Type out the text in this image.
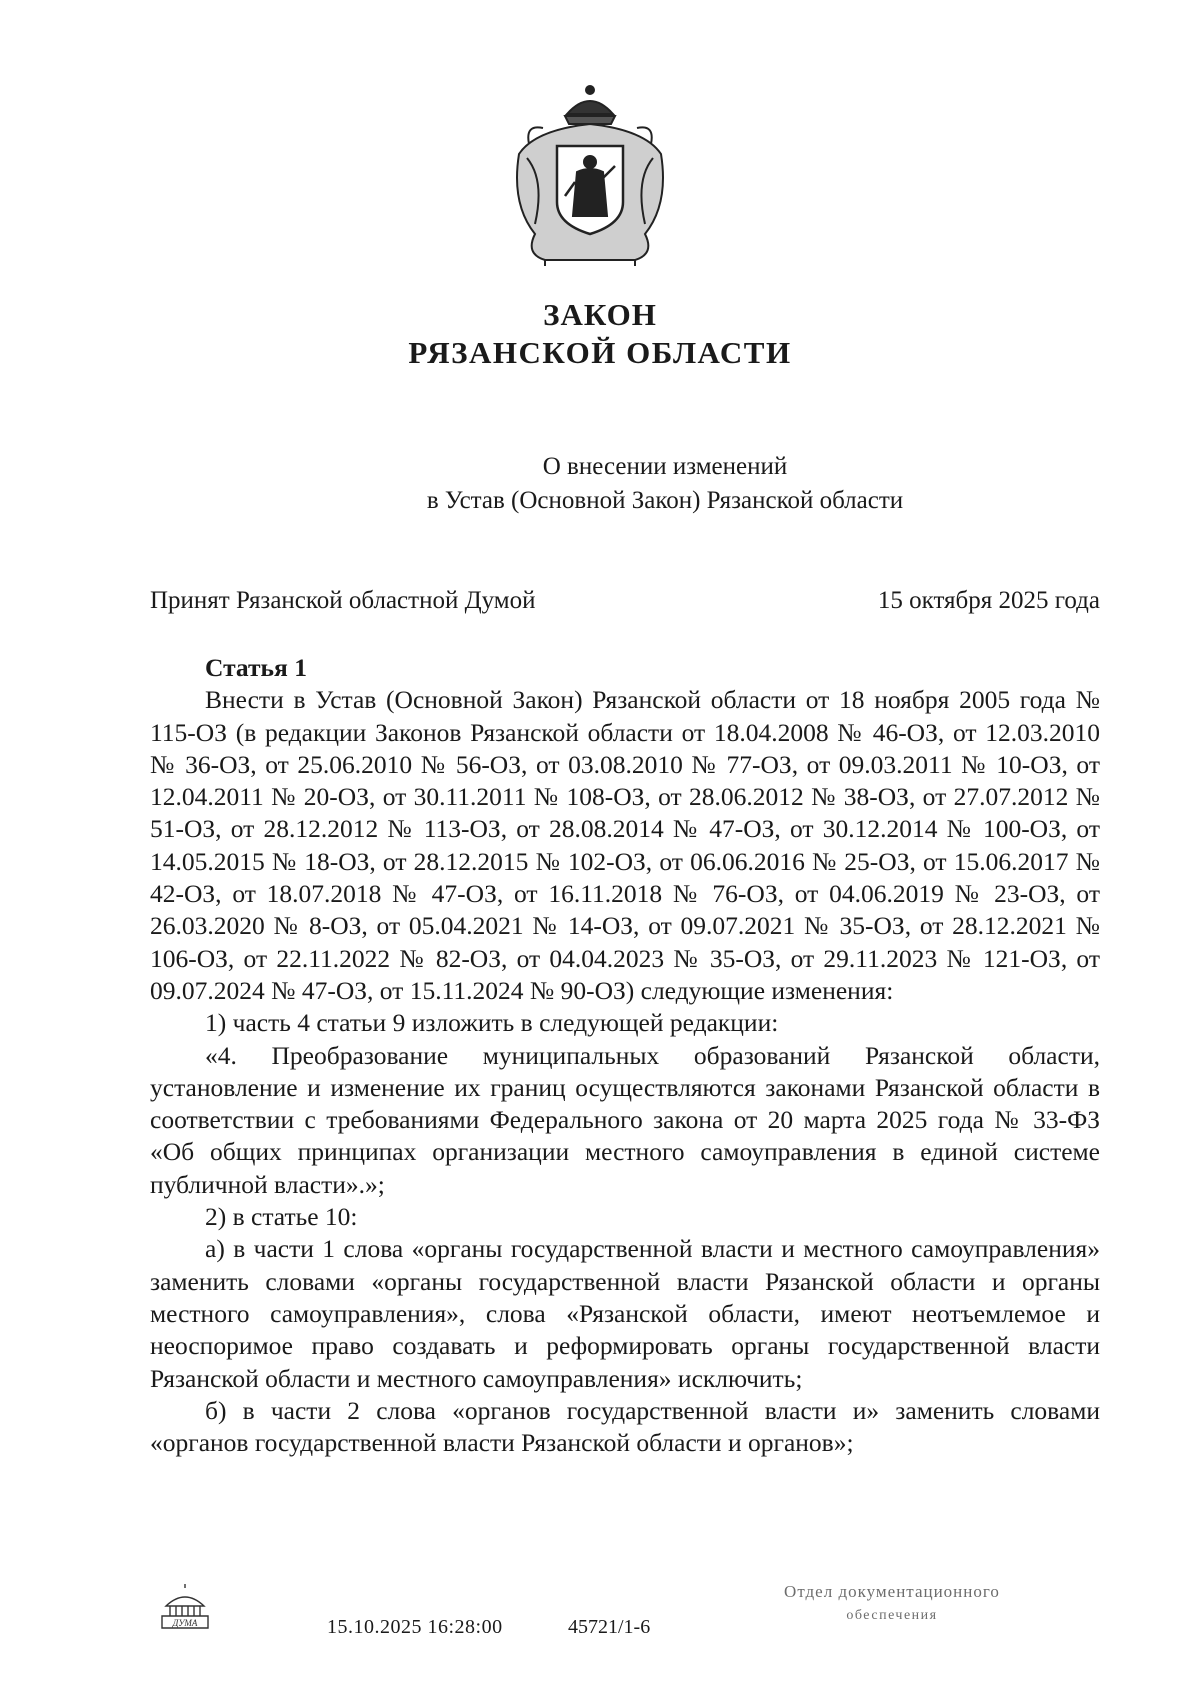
ЗАКОН
РЯЗАНСКОЙ ОБЛАСТИ
О внесении изменений
в Устав (Основной Закон) Рязанской области
Принят Рязанской областной Думой	15 октября 2025 года
Статья 1

Внести в Устав (Основной Закон) Рязанской области от 18 ноября 2005 года № 115-ОЗ (в редакции Законов Рязанской области от 18.04.2008 № 46-ОЗ, от 12.03.2010 № 36-ОЗ, от 25.06.2010 № 56-ОЗ, от 03.08.2010 № 77-ОЗ, от 09.03.2011 № 10-ОЗ, от 12.04.2011 № 20-ОЗ, от 30.11.2011 № 108-ОЗ, от 28.06.2012 № 38-ОЗ, от 27.07.2012 № 51-ОЗ, от 28.12.2012 № 113-ОЗ, от 28.08.2014 № 47-ОЗ, от 30.12.2014 № 100-ОЗ, от 14.05.2015 № 18-ОЗ, от 28.12.2015 № 102-ОЗ, от 06.06.2016 № 25-ОЗ, от 15.06.2017 № 42-ОЗ, от 18.07.2018 № 47-ОЗ, от 16.11.2018 № 76-ОЗ, от 04.06.2019 № 23-ОЗ, от 26.03.2020 № 8-ОЗ, от 05.04.2021 № 14-ОЗ, от 09.07.2021 № 35-ОЗ, от 28.12.2021 № 106-ОЗ, от 22.11.2022 № 82-ОЗ, от 04.04.2023 № 35-ОЗ, от 29.11.2023 № 121-ОЗ, от 09.07.2024 № 47-ОЗ, от 15.11.2024 № 90-ОЗ) следующие изменения:

1) часть 4 статьи 9 изложить в следующей редакции:

«4. Преобразование муниципальных образований Рязанской области, установление и изменение их границ осуществляются законами Рязанской области в соответствии с требованиями Федерального закона от 20 марта 2025 года № 33-ФЗ «Об общих принципах организации местного самоуправления в единой системе публичной власти».»;

2) в статье 10:

а) в части 1 слова «органы государственной власти и местного самоуправления» заменить словами «органы государственной власти Рязанской области и органы местного самоуправления», слова «Рязанской области, имеют неотъемлемое и неоспоримое право создавать и реформировать органы государственной власти Рязанской области и местного самоуправления» исключить;

б) в части 2 слова «органов государственной власти и» заменить словами «органов государственной власти Рязанской области и органов»;

ДУМА	15.10.2025 16:28:00	45721/1-6
Отдел документационного
обеспечения
